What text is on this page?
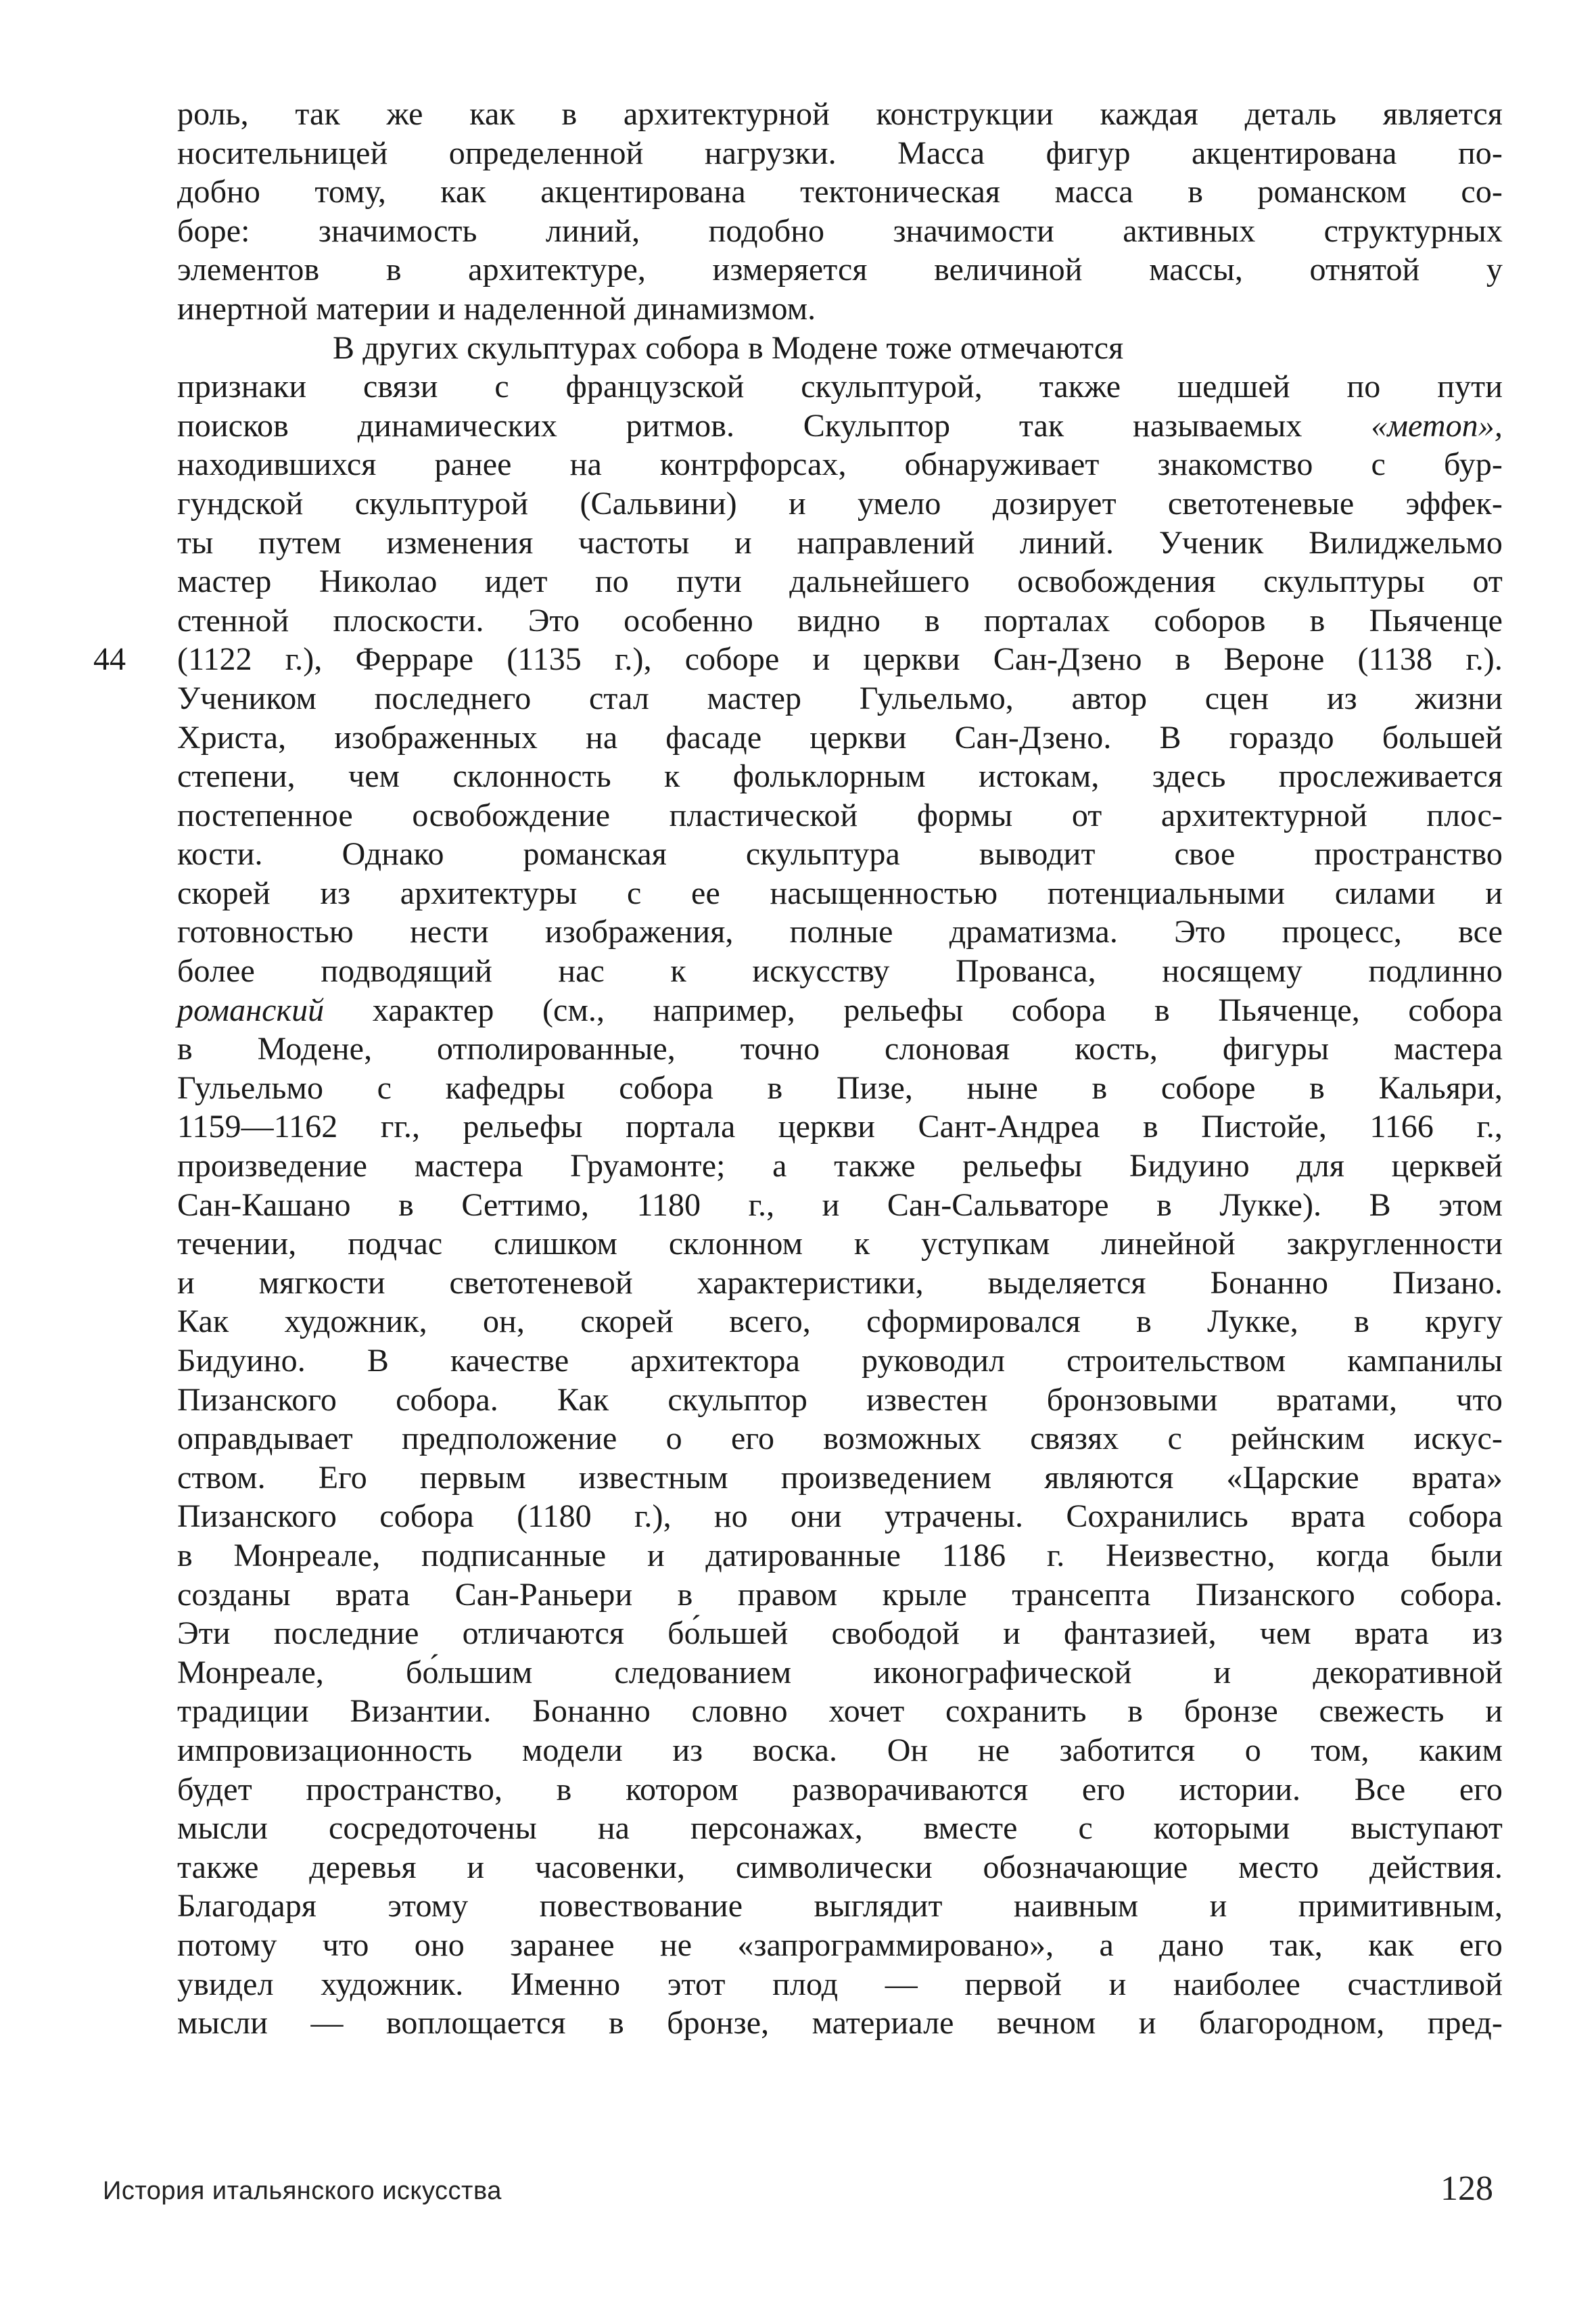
роль, так же как в архитектурной конструкции каждая деталь является
носительницей определенной нагрузки. Масса фигур акцентирована по-
добно тому, как акцентирована тектоническая масса в романском со-
боре: значимость линий, подобно значимости активных структурных
элементов в архитектуре, измеряется величиной массы, отнятой у
инертной материи и наделенной динамизмом.
В других скульптурах собора в Модене тоже отмечаются
признаки связи с французской скульптурой, также шедшей по пути
поисков динамических ритмов. Скульптор так называемых «метоп»,
находившихся ранее на контрфорсах, обнаруживает знакомство с бур-
гундской скульптурой (Сальвини) и умело дозирует светотеневые эффек-
ты путем изменения частоты и направлений линий. Ученик Вилиджельмо
мастер Николао идет по пути дальнейшего освобождения скульптуры от
стенной плоскости. Это особенно видно в порталах соборов в Пьяченце
(1122 г.), Ферраре (1135 г.), соборе и церкви Сан-Дзено в Вероне (1138 г.).
Учеником последнего стал мастер Гульельмо, автор сцен из жизни
Христа, изображенных на фасаде церкви Сан-Дзено. В гораздо большей
степени, чем склонность к фольклорным истокам, здесь прослеживается
постепенное освобождение пластической формы от архитектурной плос-
кости. Однако романская скульптура выводит свое пространство
скорей из архитектуры с ее насыщенностью потенциальными силами и
готовностью нести изображения, полные драматизма. Это процесс, все
более подводящий нас к искусству Прованса, носящему подлинно
романский характер (см., например, рельефы собора в Пьяченце, собора
в Модене, отполированные, точно слоновая кость, фигуры мастера
Гульельмо с кафедры собора в Пизе, ныне в соборе в Кальяри,
1159—1162 гг., рельефы портала церкви Сант-Андреа в Пистойе, 1166 г.,
произведение мастера Груамонте; а также рельефы Бидуино для церквей
Сан-Кашано в Сеттимо, 1180 г., и Сан-Сальваторе в Лукке). В этом
течении, подчас слишком склонном к уступкам линейной закругленности
и мягкости светотеневой характеристики, выделяется Бонанно Пизано.
Как художник, он, скорей всего, сформировался в Лукке, в кругу
Бидуино. В качестве архитектора руководил строительством кампанилы
Пизанского собора. Как скульптор известен бронзовыми вратами, что
оправдывает предположение о его возможных связях с рейнским искус-
ством. Его первым известным произведением являются «Царские врата»
Пизанского собора (1180 г.), но они утрачены. Сохранились врата собора
в Монреале, подписанные и датированные 1186 г. Неизвестно, когда были
созданы врата Сан-Раньери в правом крыле трансепта Пизанского собора.
Эти последние отличаются бо́льшей свободой и фантазией, чем врата из
Монреале, бо́льшим следованием иконографической и декоративной
традиции Византии. Бонанно словно хочет сохранить в бронзе свежесть и
импровизационность модели из воска. Он не заботится о том, каким
будет пространство, в котором разворачиваются его истории. Все его
мысли сосредоточены на персонажах, вместе с которыми выступают
также деревья и часовенки, символически обозначающие место действия.
Благодаря этому повествование выглядит наивным и примитивным,
потому что оно заранее не «запрограммировано», а дано так, как его
увидел художник. Именно этот плод — первой и наиболее счастливой
мысли — воплощается в бронзе, материале вечном и благородном, пред-
44
История итальянского искусства	128
